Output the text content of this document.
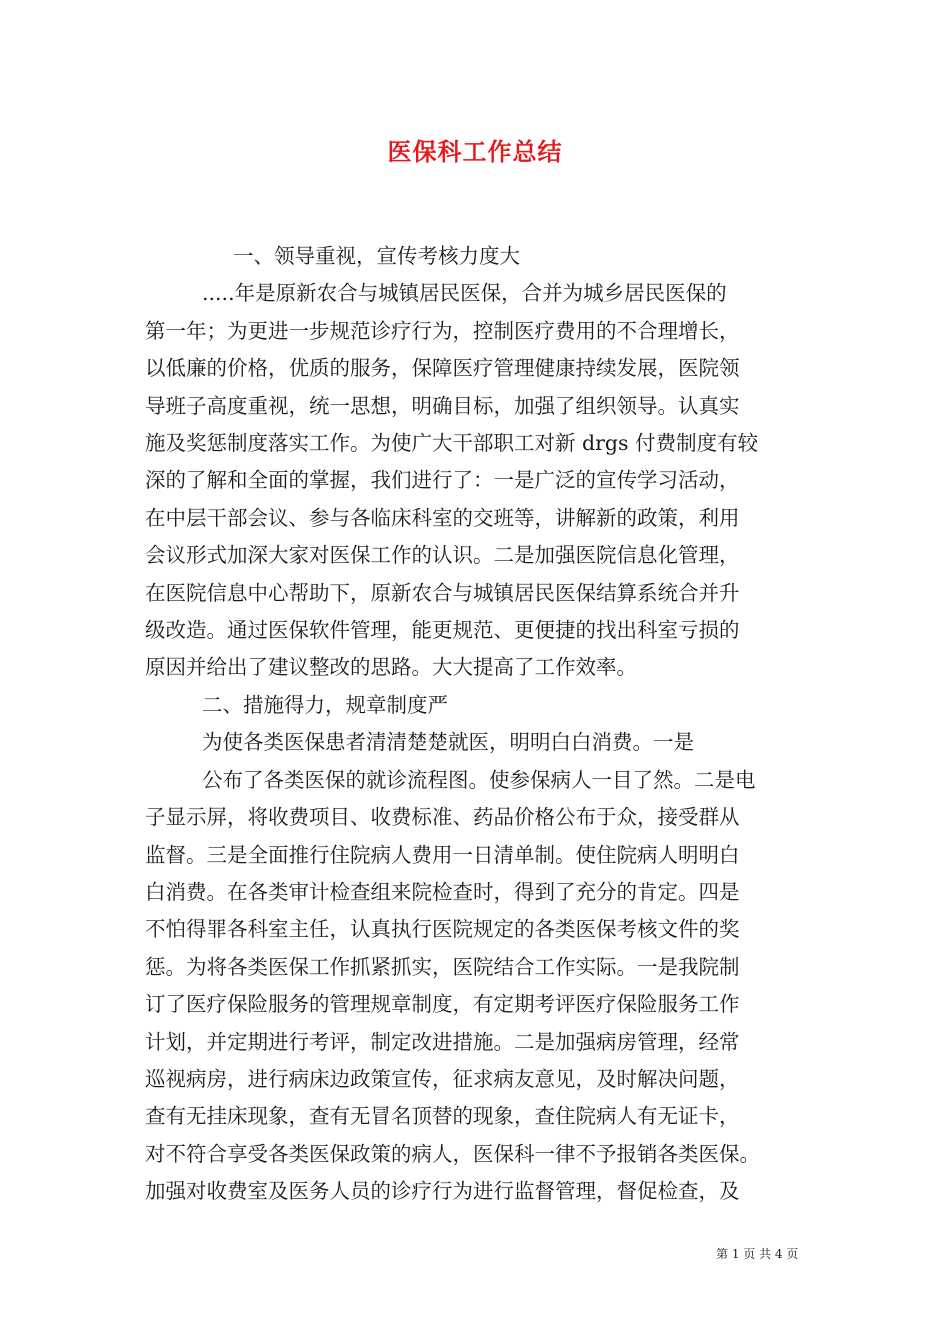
医保科工作总结
一、领导重视，宣传考核力度大
.....年是原新农合与城镇居民医保，合并为城乡居民医保的
第一年；为更进一步规范诊疗行为，控制医疗费用的不合理增长，
以低廉的价格，优质的服务，保障医疗管理健康持续发展，医院领
导班子高度重视，统一思想，明确目标，加强了组织领导。认真实
施及奖惩制度落实工作。为使广大干部职工对新 drgs 付费制度有较
深的了解和全面的掌握，我们进行了：一是广泛的宣传学习活动，
在中层干部会议、参与各临床科室的交班等，讲解新的政策，利用
会议形式加深大家对医保工作的认识。二是加强医院信息化管理，
在医院信息中心帮助下，原新农合与城镇居民医保结算系统合并升
级改造。通过医保软件管理，能更规范、更便捷的找出科室亏损的
原因并给出了建议整改的思路。大大提高了工作效率。
二、措施得力，规章制度严
为使各类医保患者清清楚楚就医，明明白白消费。一是
公布了各类医保的就诊流程图。使参保病人一目了然。二是电
子显示屏，将收费项目、收费标准、药品价格公布于众，接受群从
监督。三是全面推行住院病人费用一日清单制。使住院病人明明白
白消费。在各类审计检查组来院检查时，得到了充分的肯定。四是
不怕得罪各科室主任，认真执行医院规定的各类医保考核文件的奖
惩。为将各类医保工作抓紧抓实，医院结合工作实际。一是我院制
订了医疗保险服务的管理规章制度，有定期考评医疗保险服务工作
计划，并定期进行考评，制定改进措施。二是加强病房管理，经常
巡视病房，进行病床边政策宣传，征求病友意见，及时解决问题，
查有无挂床现象，查有无冒名顶替的现象，查住院病人有无证卡，
对不符合享受各类医保政策的病人，医保科一律不予报销各类医保。
加强对收费室及医务人员的诊疗行为进行监督管理，督促检查，及
第 1 页 共 4 页
